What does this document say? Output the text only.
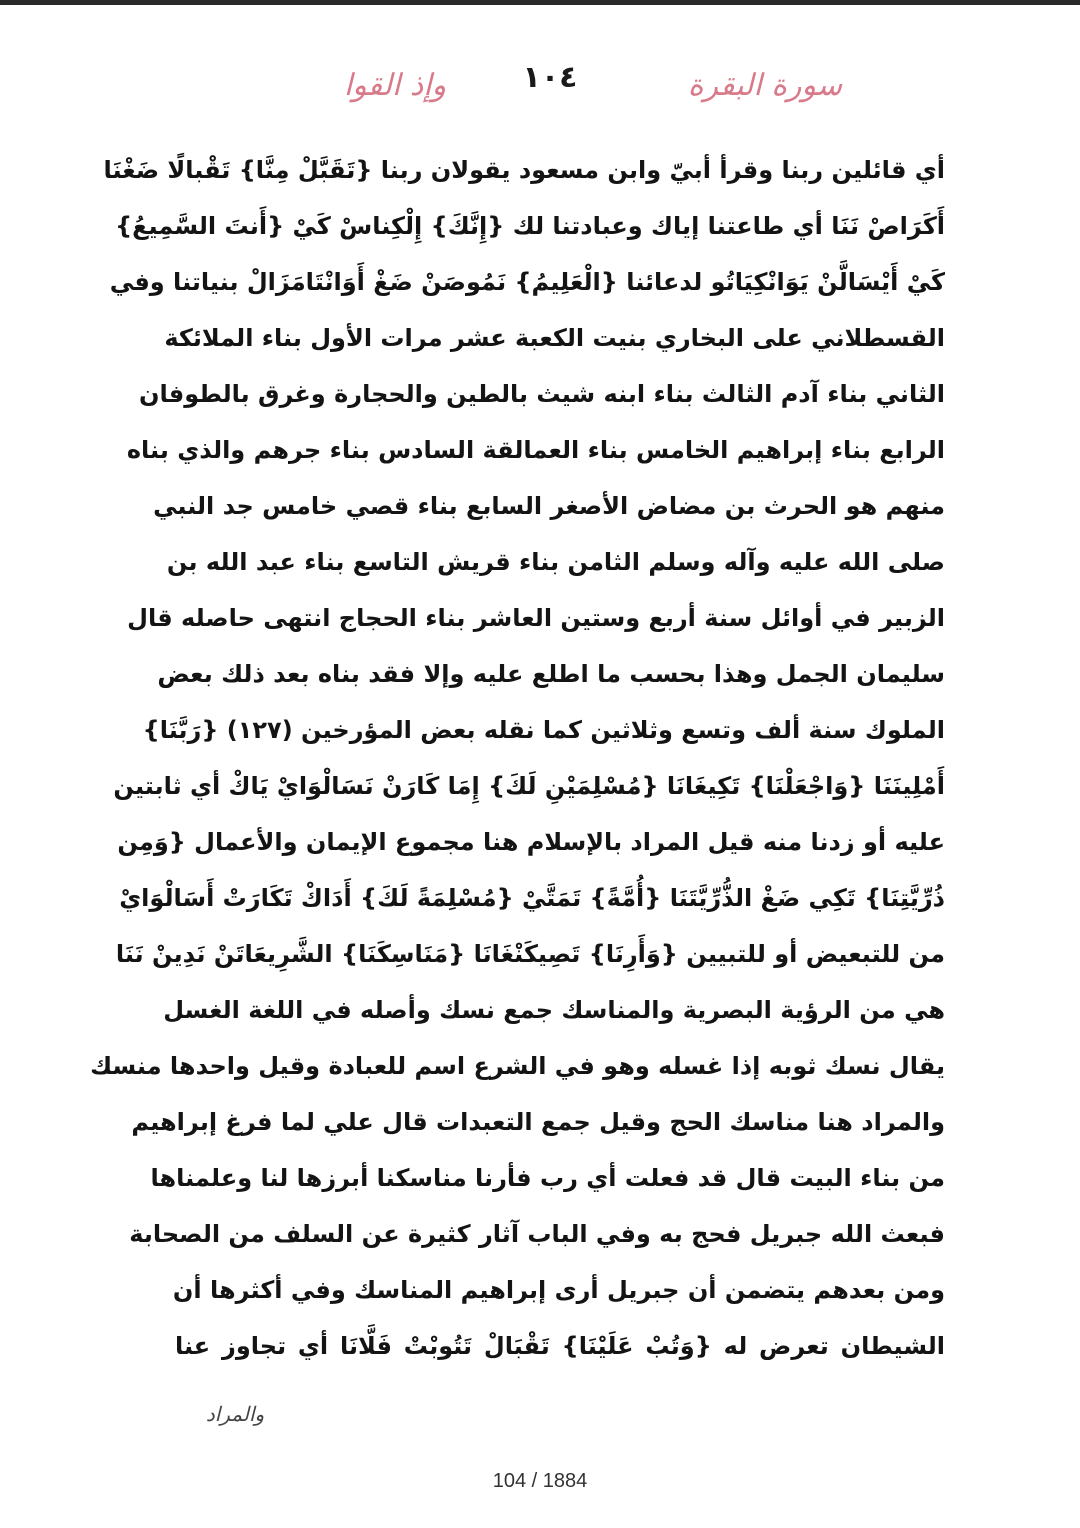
سورة البقرة
١٠٤
وإذ القوا
أي قائلين ربنا وقرأ أبيّ وابن مسعود يقولان ربنا {تَقَبَّلْ مِنَّا} تَقْبالًا ضَغْنَا
أَكَرَاصْ نَنَا أي طاعتنا إياك وعبادتنا لك {إِنَّكَ} إِلْكِناسْ كَيْ {أَنتَ السَّمِيعُ}
كَيْ أَيْسَالَّنْ يَوَانْكِيَاتُو لدعائنا {الْعَلِيمُ} نَمُوصَنْ ضَغْ أَوَانْتَامَزَالْ بنياتنا وفي
القسطلاني على البخاري بنيت الكعبة عشر مرات الأول بناء الملائكة
الثاني بناء آدم الثالث بناء ابنه شيث بالطين والحجارة وغرق بالطوفان
الرابع بناء إبراهيم الخامس بناء العمالقة السادس بناء جرهم والذي بناه
منهم هو الحرث بن مضاض الأصغر السابع بناء قصي خامس جد النبي
صلى الله عليه وآله وسلم الثامن بناء قريش التاسع بناء عبد الله بن
الزبير في أوائل سنة أربع وستين العاشر بناء الحجاج انتهى حاصله قال
سليمان الجمل وهذا بحسب ما اطلع عليه وإلا فقد بناه بعد ذلك بعض
الملوك سنة ألف وتسع وثلاثين كما نقله بعض المؤرخين (١٢٧) {رَبَّنَا}
أَمْلِينَنَا {وَاجْعَلْنَا} تَكِيغَانَا {مُسْلِمَيْنِ لَكَ} إِمَا كَارَنْ نَسَالْوَايْ يَاكْ أي ثابتين
عليه أو زدنا منه قيل المراد بالإسلام هنا مجموع الإيمان والأعمال {وَمِن
ذُرِّيَّتِنَا} تَكِي ضَغْ الذُّرِّيَّتَنَا {أُمَّةً} تَمَتَّيْ {مُسْلِمَةً لَكَ} أَدَاكْ تَكَارَتْ أَسَالْوَايْ
من للتبعيض أو للتبيين {وَأَرِنَا} تَصِيكَنْغَانَا {مَنَاسِكَنَا} الشَّرِيعَاتَنْ نَدِينْ نَنَا
هي من الرؤية البصرية والمناسك جمع نسك وأصله في اللغة الغسل
يقال نسك ثوبه إذا غسله وهو في الشرع اسم للعبادة وقيل واحدها منسك
والمراد هنا مناسك الحج وقيل جمع التعبدات قال علي لما فرغ إبراهيم
من بناء البيت قال قد فعلت أي رب فأرنا مناسكنا أبرزها لنا وعلمناها
فبعث الله جبريل فحج به وفي الباب آثار كثيرة عن السلف من الصحابة
ومن بعدهم يتضمن أن جبريل أرى إبراهيم المناسك وفي أكثرها أن
الشيطان تعرض له {وَتُبْ عَلَيْنَا} تَقْبَالْ تَتُوبْتْ فَلَّانَا أي تجاوز عنا
والمراد
104 / 1884
